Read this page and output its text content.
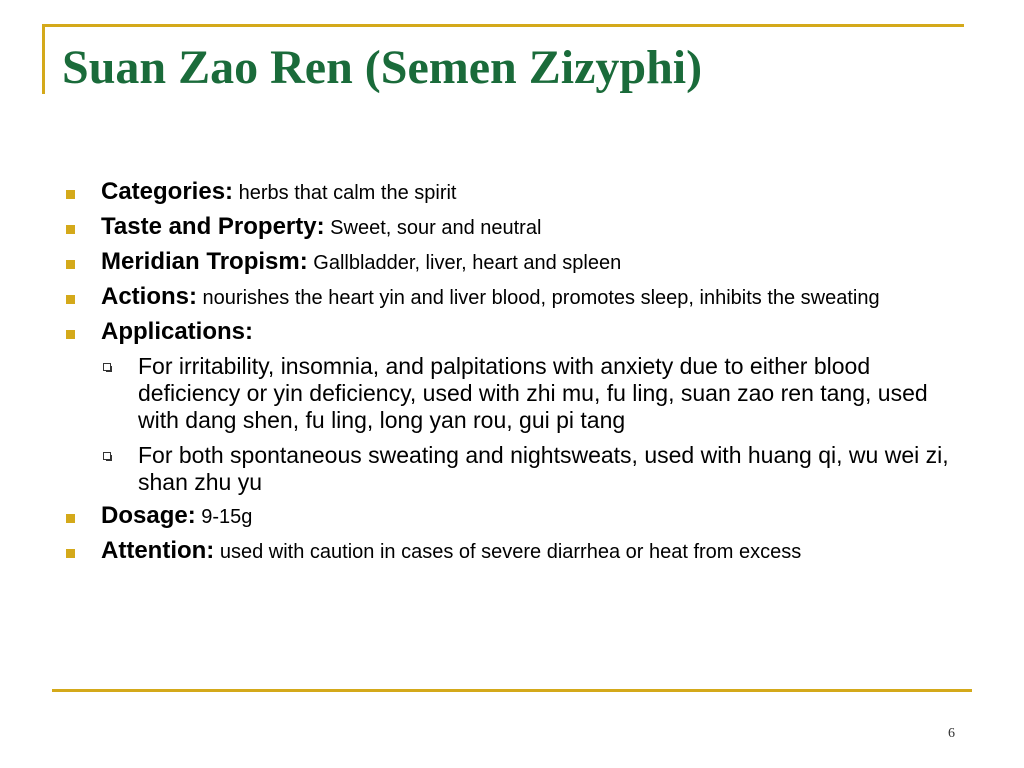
Suan Zao Ren (Semen Zizyphi)
Categories: herbs that calm the spirit
Taste and Property: Sweet, sour and neutral
Meridian Tropism: Gallbladder, liver, heart and spleen
Actions: nourishes the heart yin and liver blood, promotes sleep, inhibits the sweating
Applications:
For irritability, insomnia, and palpitations with anxiety due to either blood deficiency or yin deficiency, used with zhi mu, fu ling, suan zao ren tang, used with dang shen, fu ling, long yan rou, gui pi tang
For both spontaneous sweating and nightsweats, used with huang qi, wu wei zi, shan zhu yu
Dosage: 9-15g
Attention: used with caution in cases of severe diarrhea or heat from excess
6
